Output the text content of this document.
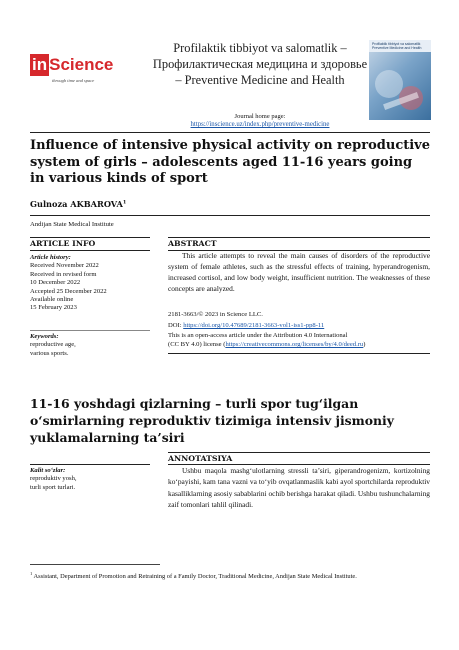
in Science
through time and space
Profilaktik tibbiyot va salomatlik – Профилактическая медицина и здоровье – Preventive Medicine and Health
Journal home page:
https://inscience.uz/index.php/preventive-medicine
Profilaktik tibbiyot va salomatlik Preventive Medicine and Health
Influence of intensive physical activity on reproductive system of girls – adolescents aged 11-16 years going in various kinds of sport
Gulnoza AKBAROVA$^1$
Andijan State Medical Institute
ARTICLE INFO
Article history:
Received November 2022
Received in revised form
10 December 2022
Accepted 25 December 2022
Available online
15 February 2023
Keywords:
reproductive age,
various sports.
ABSTRACT
This article attempts to reveal the main causes of disorders of the reproductive system of female athletes, such as the stressful effects of training, hyperandrogenism, increased cortisol, and low body weight, insufficient nutrition. The weaknesses of these concepts are analyzed.
2181-3663/© 2023 in Science LLC.
DOI: https://doi.org/10.47689/2181-3663-vol1-iss1-pp8-11
This is an open-access article under the Attribution 4.0 International
(CC BY 4.0) license (https://creativecommons.org/licenses/by/4.0/deed.ru)
11-16 yoshdagi qizlarning – turli spor tug‘ilgan o‘smirlarning reproduktiv tizimiga intensiv jismoniy yuklamalarning ta’siri
ANNOTATSIYA
Ushbu maqola mashg‘ulotlarning stressli ta’siri, giperandrogenizm, kortizolning ko‘payishi, kam tana vazni va to‘yib ovqatlanmaslik kabi ayol sportchilarda reproduktiv kasalliklarning asosiy sabablarini ochib berishga harakat qiladi. Ushbu tushunchalarning zaif tomonlari tahlil qilinadi.
Kalit so‘zlar:
reproduktiv yosh,
turli sport turlari.
$^1$ Assistant, Department of Promotion and Retraining of a Family Doctor, Traditional Medicine, Andijan State Medical Institute.
